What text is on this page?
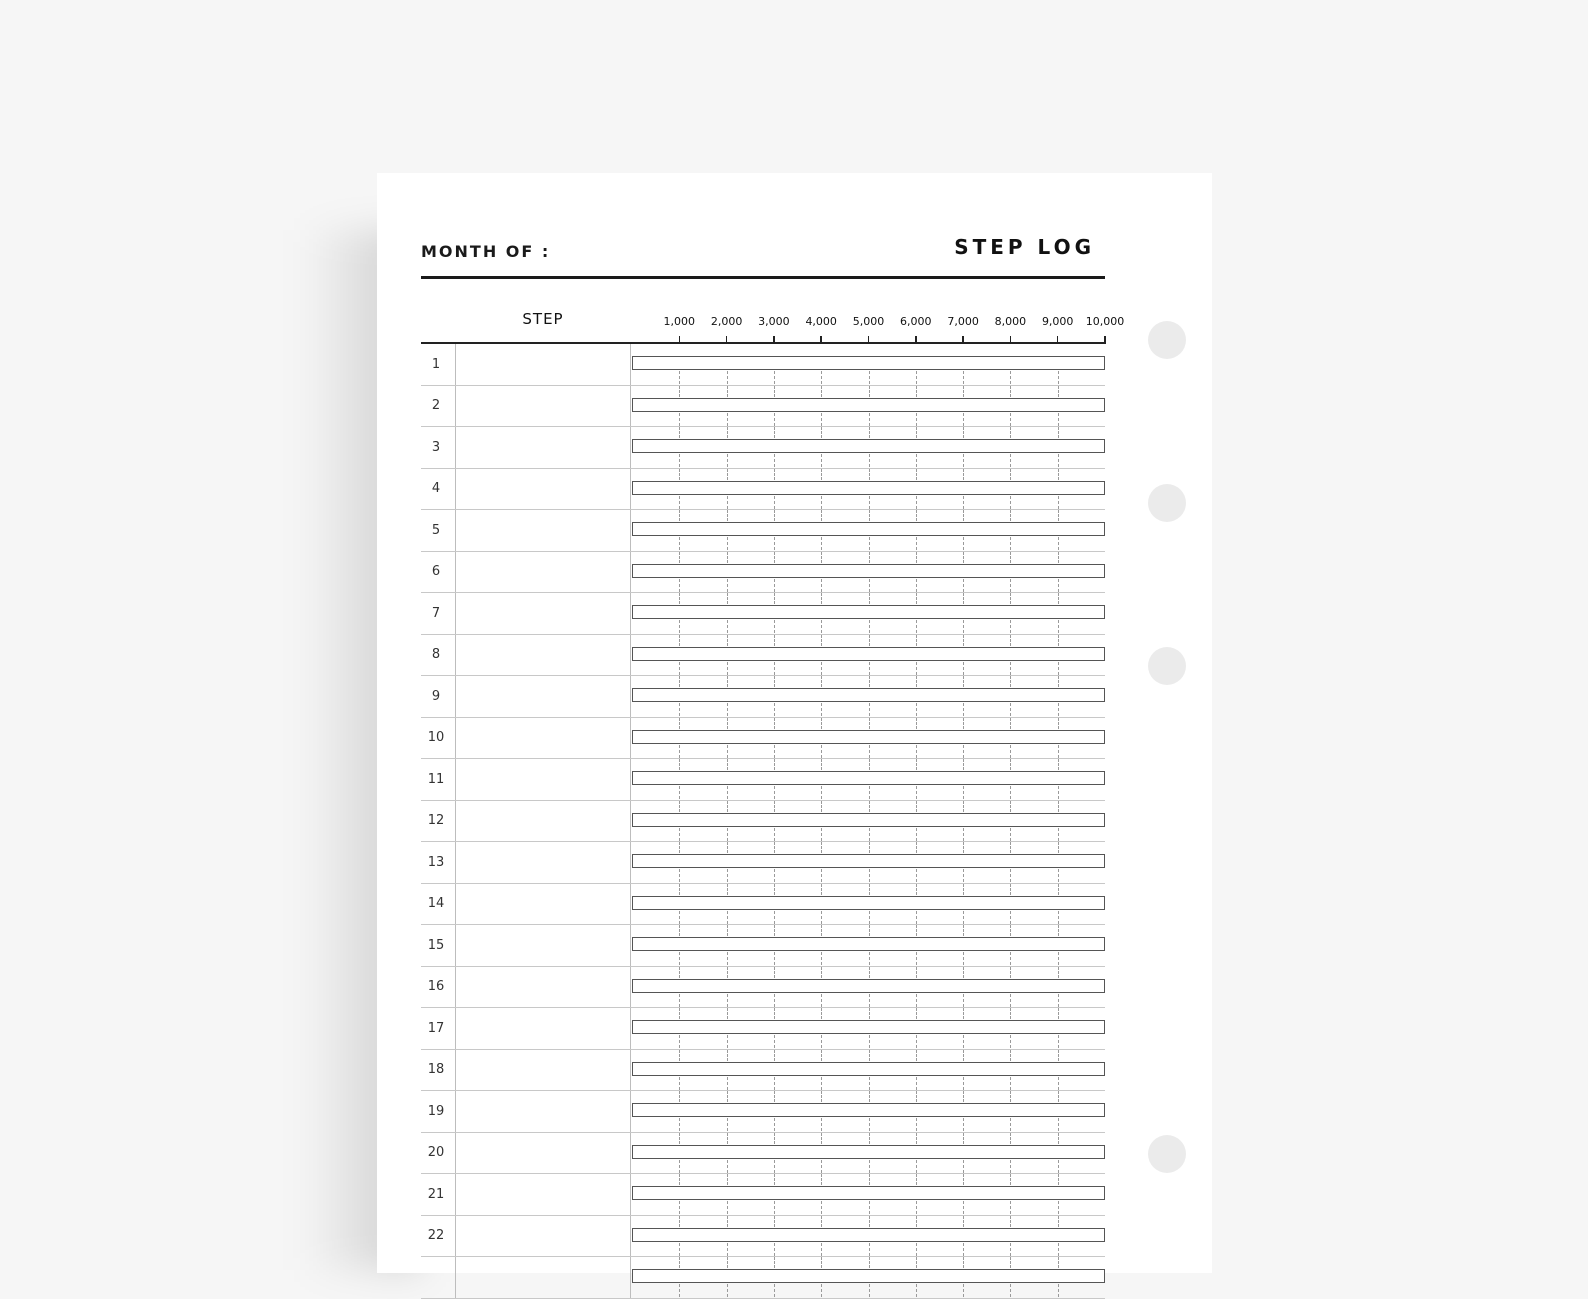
MONTH OF :	STEP LOG
STEP	1,000 2,000 3,000 4,000 5,000 6,000 7,000 8,000 9,000 10,000
1
2
3
4
5
6
7
8
9
10
11
12
13
14
15
16
17
18
19
20
21
22
